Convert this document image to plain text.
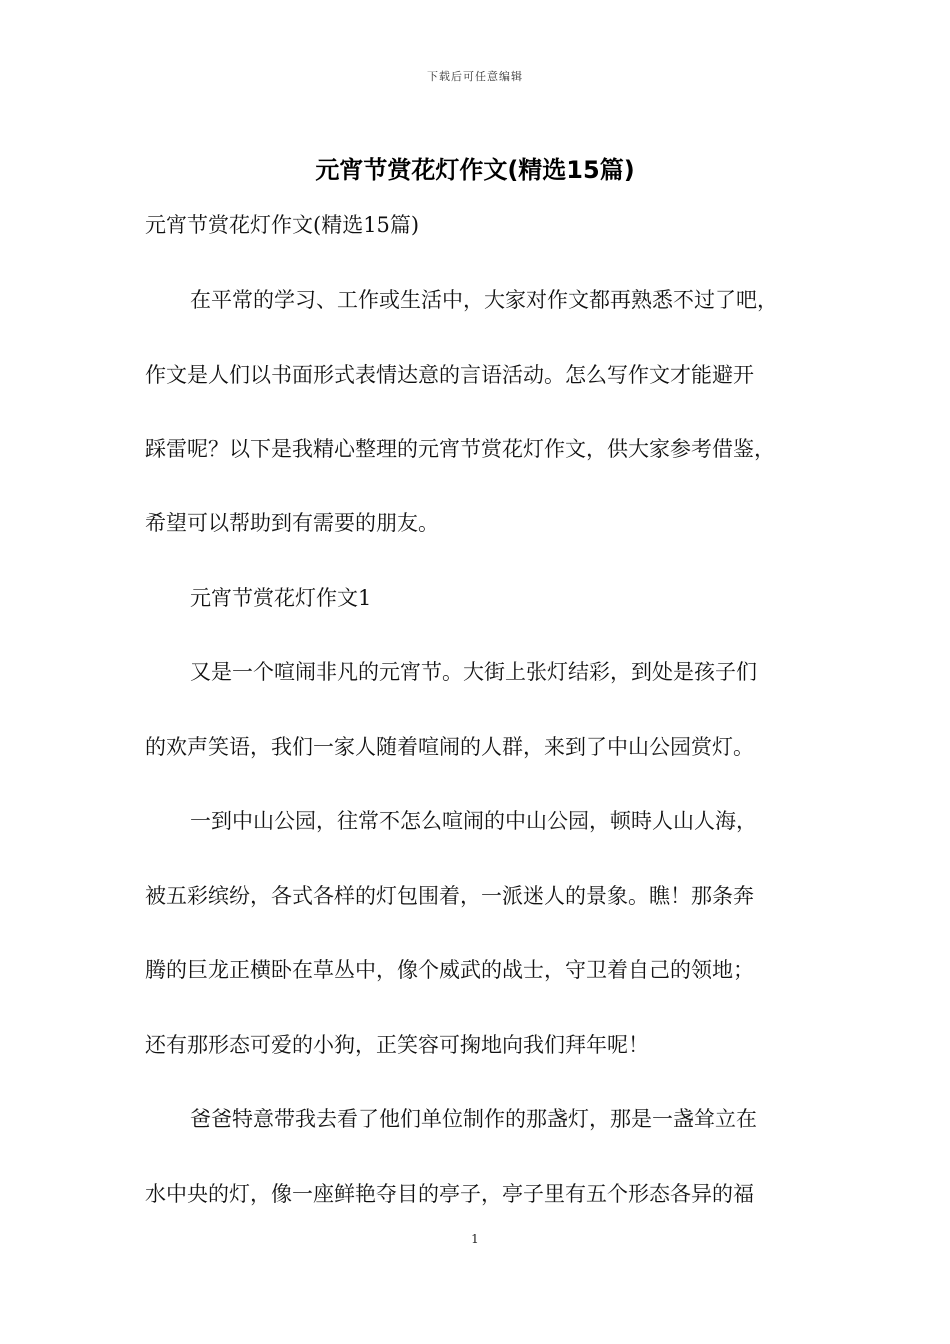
下载后可任意编辑
元宵节赏花灯作文(精选15篇)
元宵节赏花灯作文(精选15篇)
在平常的学习、工作或生活中，大家对作文都再熟悉不过了吧，
作文是人们以书面形式表情达意的言语活动。怎么写作文才能避开
踩雷呢？以下是我精心整理的元宵节赏花灯作文，供大家参考借鉴，
希望可以帮助到有需要的朋友。
元宵节赏花灯作文1
又是一个喧闹非凡的元宵节。大街上张灯结彩，到处是孩子们
的欢声笑语，我们一家人随着喧闹的人群，来到了中山公园赏灯。
一到中山公园，往常不怎么喧闹的中山公园，顿時人山人海，
被五彩缤纷，各式各样的灯包围着，一派迷人的景象。瞧！那条奔
腾的巨龙正横卧在草丛中，像个威武的战士，守卫着自己的领地；
还有那形态可爱的小狗，正笑容可掬地向我们拜年呢！
爸爸特意带我去看了他们单位制作的那盏灯，那是一盏耸立在
水中央的灯，像一座鲜艳夺目的亭子，亭子里有五个形态各异的福
1
